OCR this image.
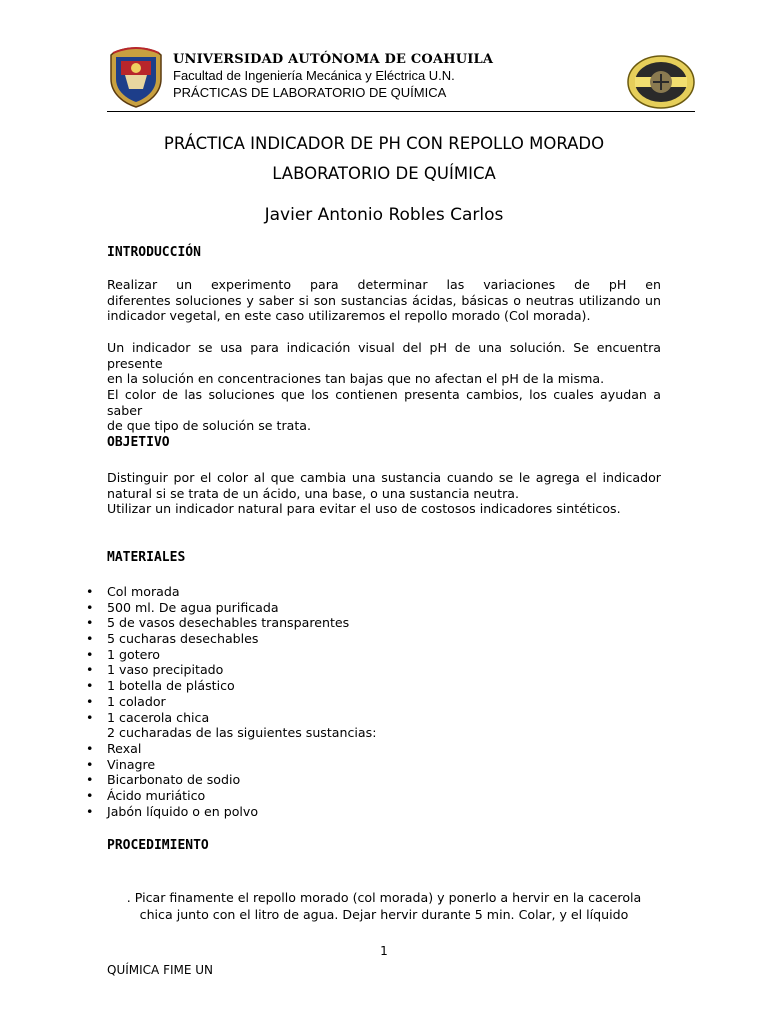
UNIVERSIDAD AUTÓNOMA DE COAHUILA
Facultad de Ingeniería Mecánica y Eléctrica U.N.
PRÁCTICAS DE LABORATORIO DE QUÍMICA
PRÁCTICA INDICADOR DE PH CON REPOLLO MORADO
LABORATORIO DE QUÍMICA
Javier Antonio Robles Carlos
INTRODUCCIÓN
Realizar un experimento para determinar las variaciones de pH en
diferentes soluciones y saber si son sustancias ácidas, básicas o neutras utilizando un
indicador vegetal, en este caso utilizaremos el repollo morado (Col morada).
Un indicador se usa para indicación visual del pH de una solución. Se encuentra presente
en la solución en concentraciones tan bajas que no afectan el pH de la misma.
El color de las soluciones que los contienen presenta cambios, los cuales ayudan a saber
de que tipo de solución se trata.
OBJETIVO
Distinguir por el color al que cambia una sustancia cuando se le agrega el indicador
natural si se trata de un ácido, una base, o una sustancia neutra.
Utilizar un indicador natural para evitar el uso de costosos indicadores sintéticos.
MATERIALES
• Col morada
• 500 ml. De agua purificada
• 5 de vasos desechables transparentes
• 5 cucharas desechables
• 1 gotero
• 1 vaso precipitado
• 1 botella de plástico
• 1 colador
• 1 cacerola chica
2 cucharadas de las siguientes sustancias:
• Rexal
• Vinagre
• Bicarbonato de sodio
• Ácido muriático
• Jabón líquido o en polvo
PROCEDIMIENTO
. Picar finamente el repollo morado (col morada) y ponerlo a hervir en la cacerola
chica junto con el litro de agua. Dejar hervir durante 5 min. Colar, y el líquido
1
QUÍMICA FIME UN
